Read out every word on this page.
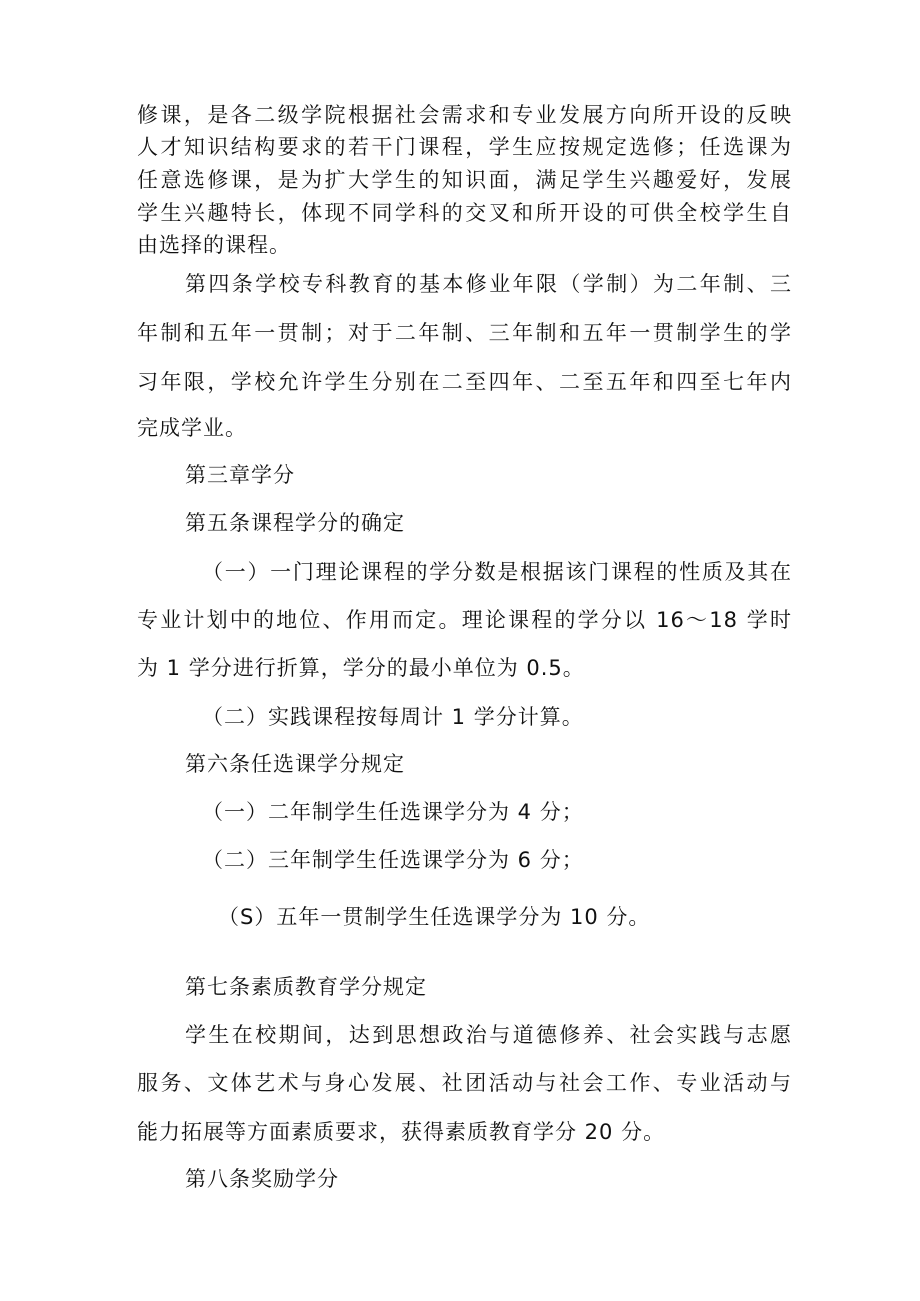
修课，是各二级学院根据社会需求和专业发展方向所开设的反映
人才知识结构要求的若干门课程，学生应按规定选修；任选课为
任意选修课，是为扩大学生的知识面，满足学生兴趣爱好，发展
学生兴趣特长，体现不同学科的交叉和所开设的可供全校学生自
由选择的课程。
第四条学校专科教育的基本修业年限（学制）为二年制、三
年制和五年一贯制；对于二年制、三年制和五年一贯制学生的学
习年限，学校允许学生分别在二至四年、二至五年和四至七年内
完成学业。
第三章学分
第五条课程学分的确定
（一）一门理论课程的学分数是根据该门课程的性质及其在
专业计划中的地位、作用而定。理论课程的学分以 16～18 学时
为 1 学分进行折算，学分的最小单位为 0.5。
（二）实践课程按每周计 1 学分计算。
第六条任选课学分规定
（一）二年制学生任选课学分为 4 分；
（二）三年制学生任选课学分为 6 分；
（S）五年一贯制学生任选课学分为 10 分。
第七条素质教育学分规定
学生在校期间，达到思想政治与道德修养、社会实践与志愿
服务、文体艺术与身心发展、社团活动与社会工作、专业活动与
能力拓展等方面素质要求，获得素质教育学分 20 分。
第八条奖励学分
